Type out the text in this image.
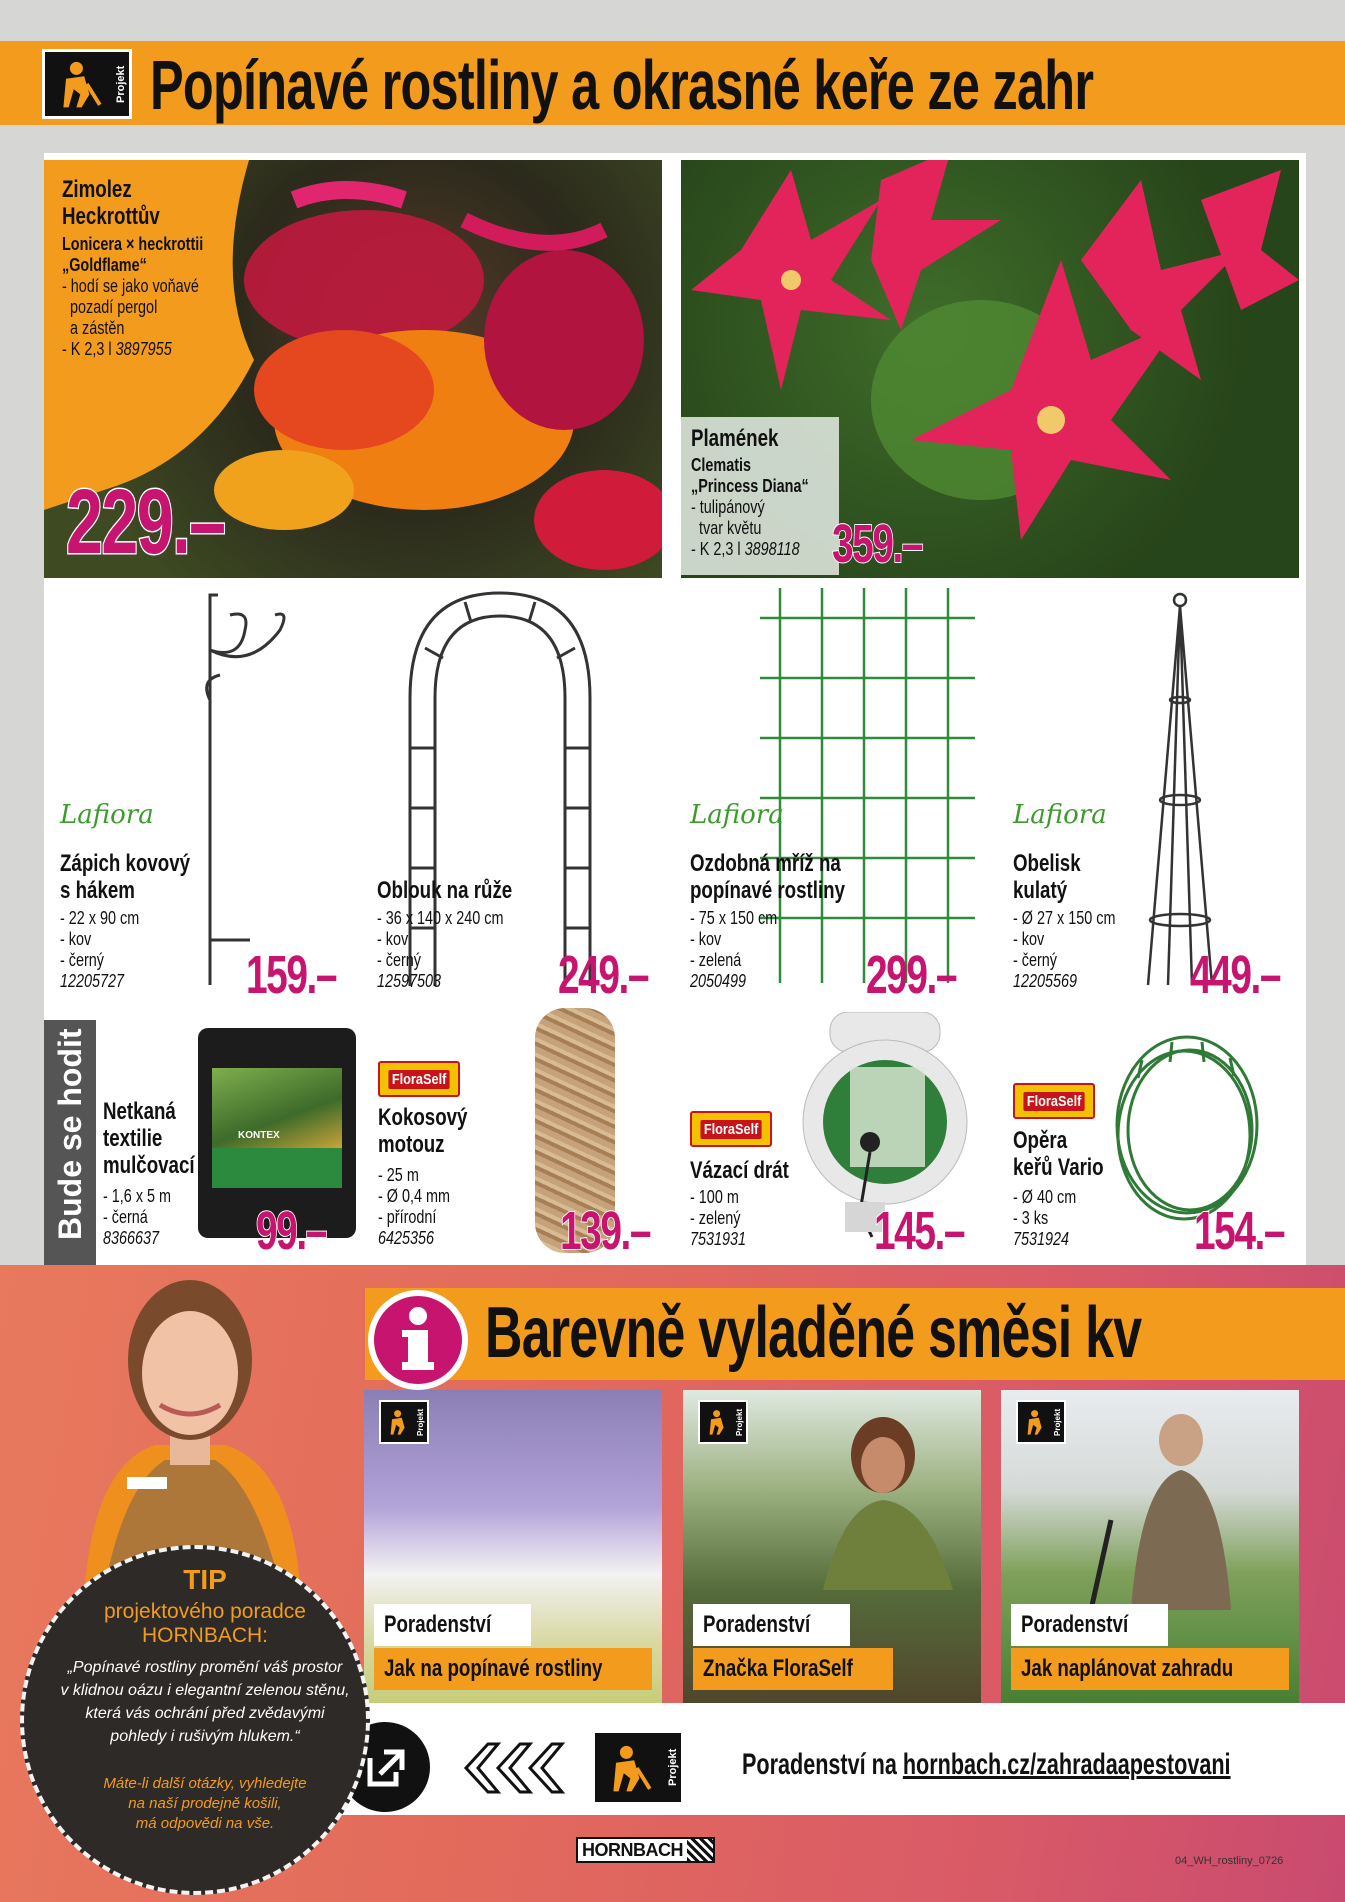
Projekt Popínavé rostliny a okrasné keře ze zahr
Zimolez
Heckrottův
Lonicera × heckrottii
„Goldflame“
- hodí se jako voňavé
pozadí pergol
a zástěn
- K 2,3 l 3897955
229.–
Plamének
Clematis
„Princess Diana“
- tulipánový
tvar květu
- K 2,3 l 3898118 359.–
Lafiora	Lafiora	Lafiora
Zápich kovový
s hákem
- 22 x 90 cm
- kov
- černý
12205727 159.–
Oblouk na růže
- 36 x 140 x 240 cm
- kov
- černý
12597503	249.–
Ozdobná mříž na
popínavé rostliny
- 75 x 150 cm
- kov
- zelená
2050499	299.–
Obelisk
kulatý
- Ø 27 x 150 cm
- kov
- černý
12205569	449.–
Bude se hodit	KONTEX
Netkaná
textilie
mulčovací
- 1,6 x 5 m
- černá
8366637 99.–
FloraSelf
Kokosový
motouz
- 25 m
- Ø 0,4 mm
- přírodní
6425356 139.–
FloraSelf
Vázací drát
- 100 m
- zelený
7531931 145.–
FloraSelf
Opěra
keřů Vario
- Ø 40 cm
- 3 ks
7531924 154.–
Barevně vyladěné směsi kv
Projekt
Poradenství
Jak na popínavé rostliny
Projekt
Poradenství
Značka FloraSelf
Projekt
Poradenství
Jak naplánovat zahradu
Projekt Poradenství na hornbach.cz/zahradaapestovani
TIP
projektového poradce
HORNBACH:
„Popínavé rostliny promění váš prostor
v klidnou oázu i elegantní zelenou stěnu,
která vás ochrání před zvědavými
pohledy i rušivým hlukem.“
Máte-li další otázky, vyhledejte
na naší prodejně košili,
má odpovědi na vše.
HORNBACH
04_WH_rostliny_0726
